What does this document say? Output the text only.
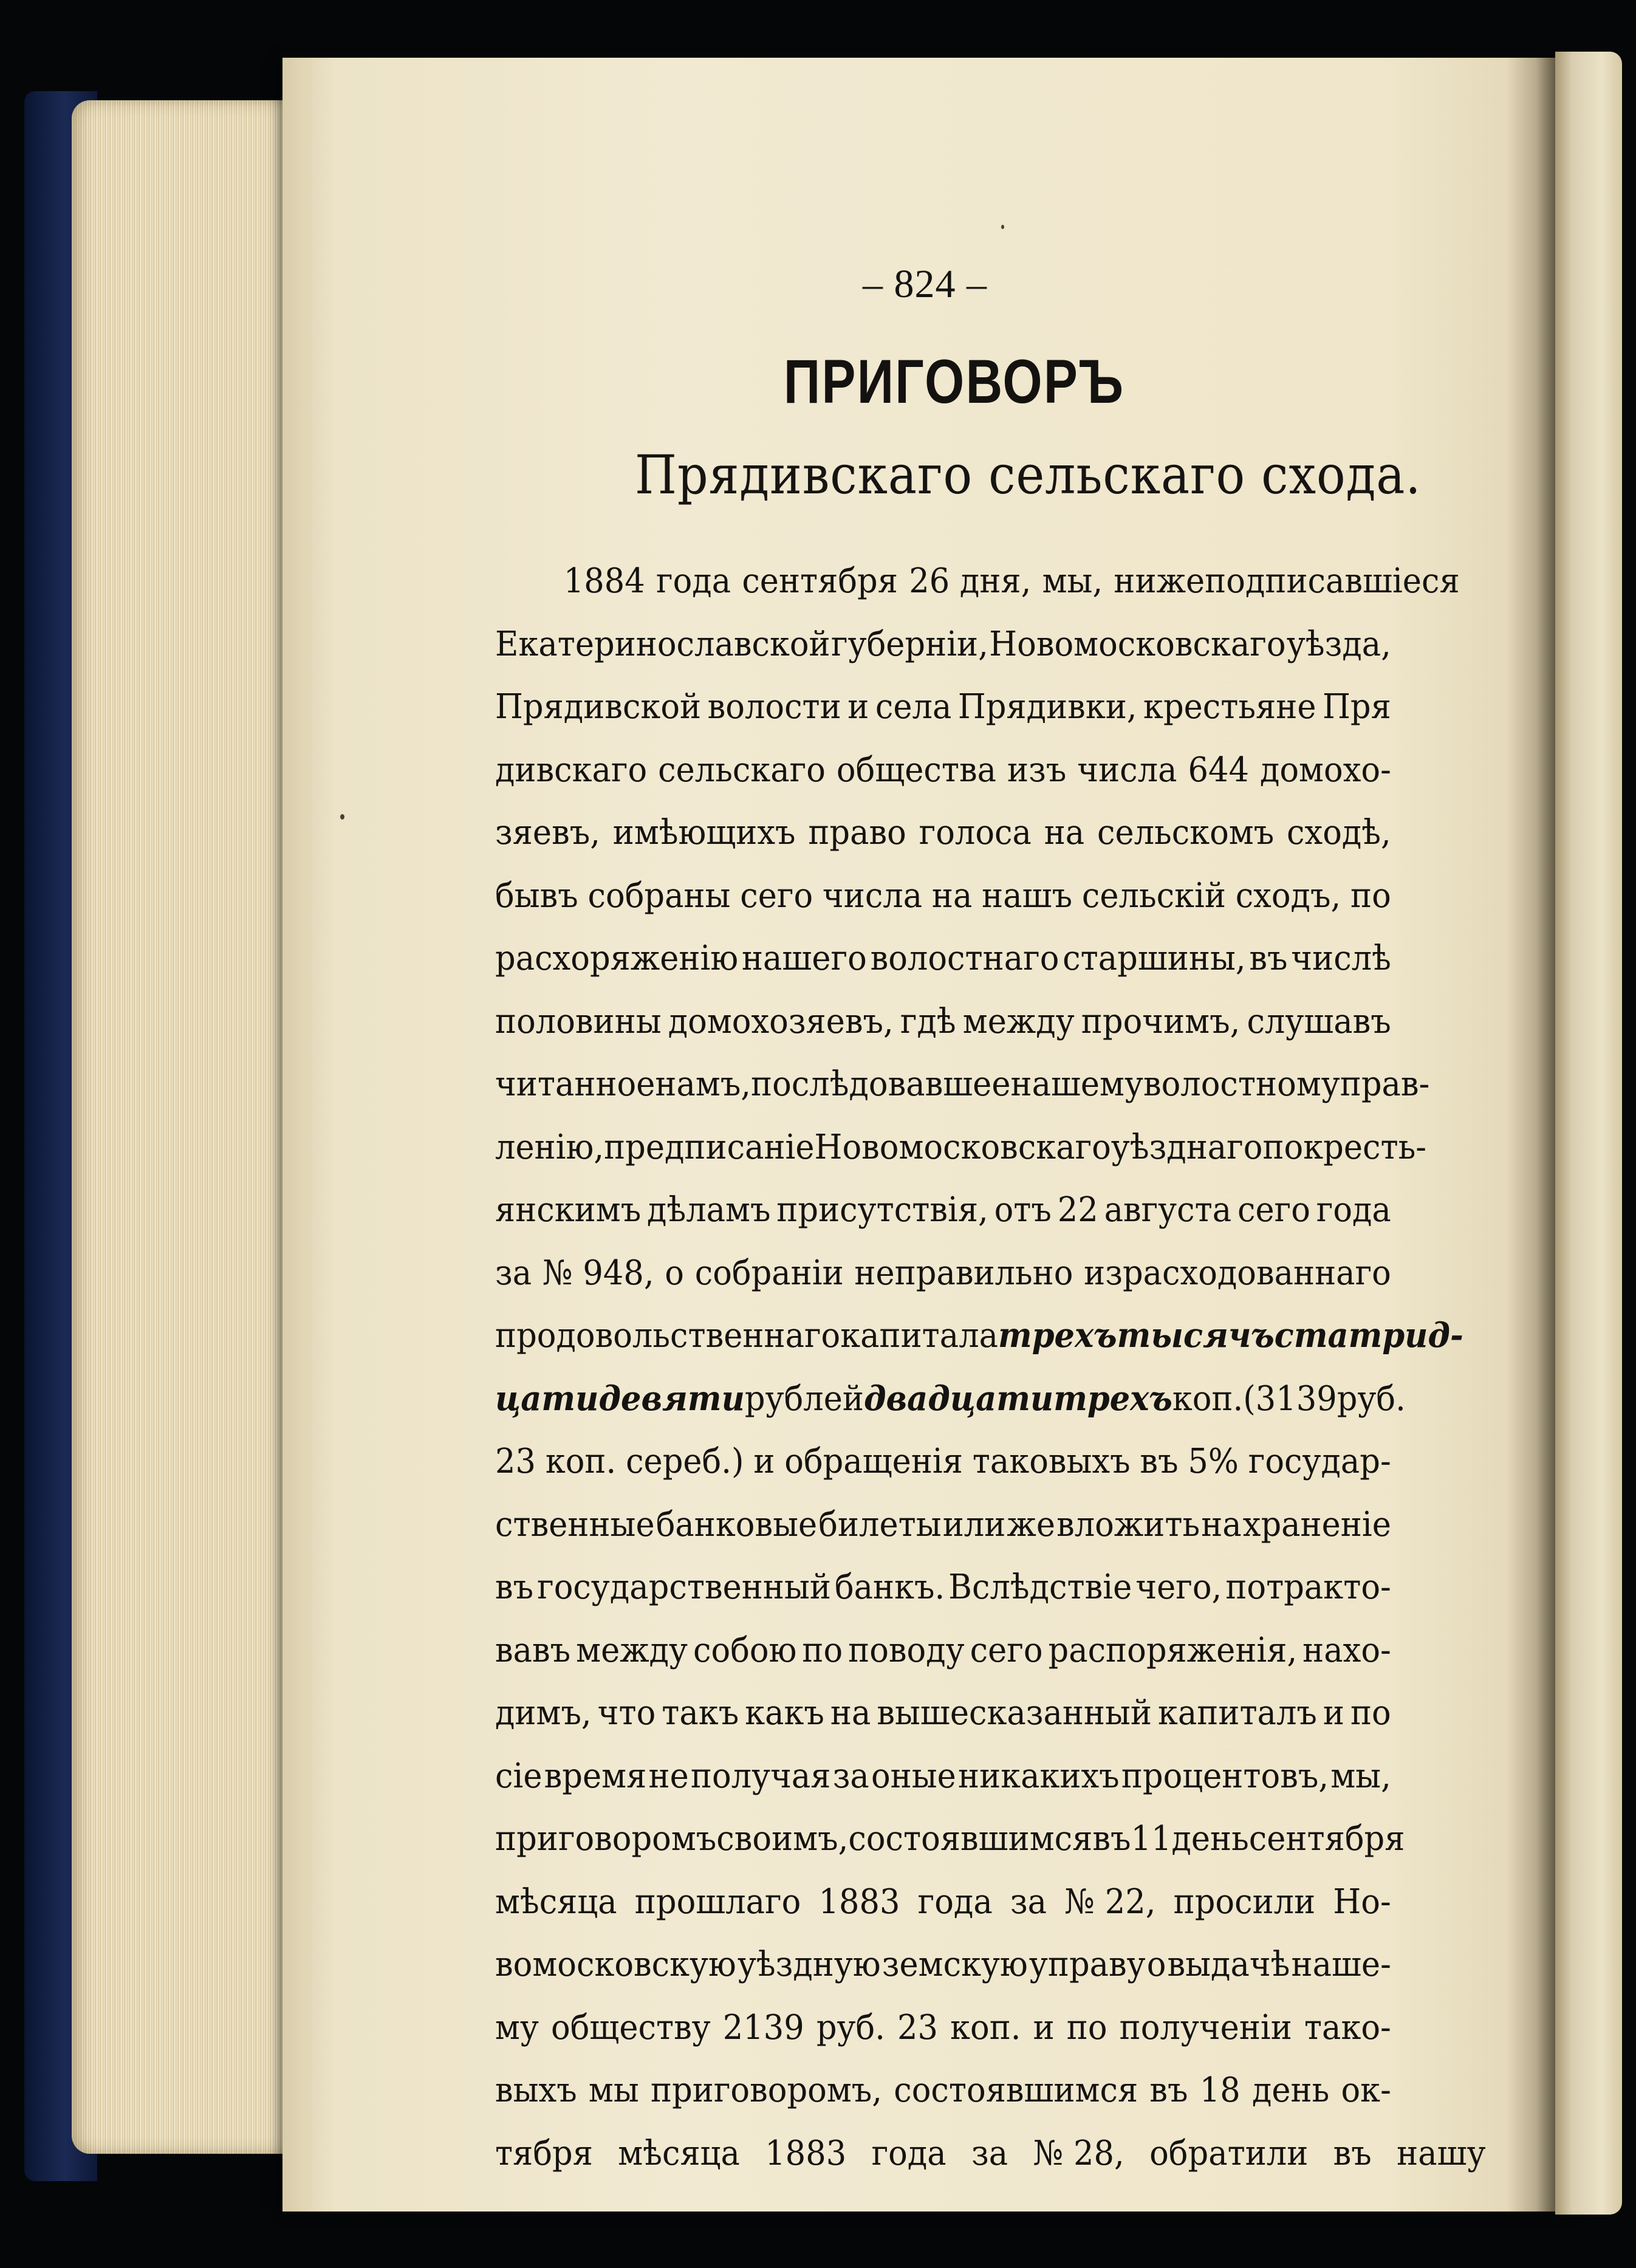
– 824 –
ПРИГОВОРЪ
Прядивскаго сельскаго схода.
1884 года сентября 26 дня, мы, нижеподписавшіеся
Екатеринославской губерніи, Новомосковскаго уѣзда,
Прядивской волости и села Прядивки, крестьяне Пря
дивскаго сельскаго общества изъ числа 644 домохо-
зяевъ, имѣющихъ право голоса на сельскомъ сходѣ,
бывъ собраны сего числа на нашъ сельскій сходъ, по
расхоряженію нашего волостнаго старшины, въ числѣ
половины домохозяевъ, гдѣ между прочимъ, слушавъ
читанное намъ, послѣдовавшее нашему волостному прав-
ленію, предписаніе Новомосковскаго уѣзднаго по кресть-
янскимъ дѣламъ присутствія, отъ 22 августа сего года
за № 948, о собраніи неправильно израсходованнаго
продовольственнаго капитала трехъ тысячъ ста трид-
цати девяти рублей двадцати трехъ коп. (3139 руб.
23 коп. сереб.) и обращенія таковыхъ въ 5% государ-
ственные банковые билеты или же вложить на храненіе
въ государственный банкъ. Вслѣдствіе чего, потракто-
вавъ между собою по поводу сего распоряженія, нахо-
димъ, что такъ какъ на вышесказанный капиталъ и по
сіе время не получая за оные никакихъ процентовъ, мы,
приговоромъ своимъ, состоявшимся въ 11 день сентября
мѣсяца прошлаго 1883 года за № 22, просили Но-
вомосковскую уѣздную земскую управу о выдачѣ наше-
му обществу 2139 руб. 23 коп. и по полученіи тако-
выхъ мы приговоромъ, состоявшимся въ 18 день ок-
тября мѣсяца 1883 года за № 28, обратили въ нашу
